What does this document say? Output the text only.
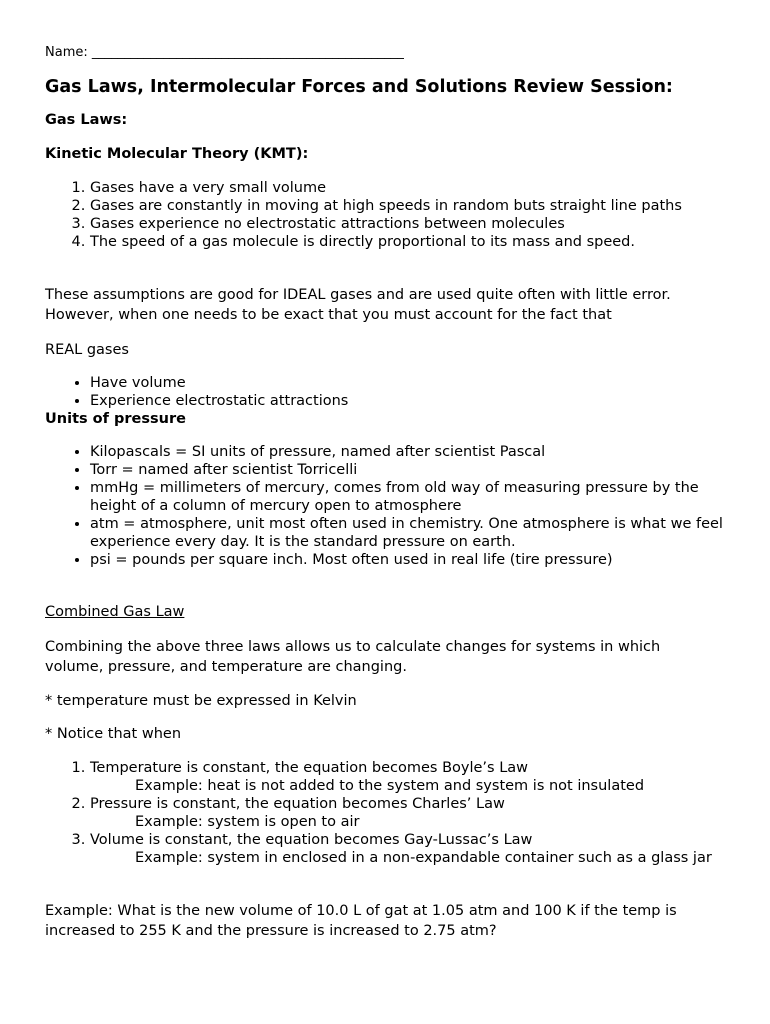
Name: ________________________________________________

Gas Laws, Intermolecular Forces and Solutions Review Session:

Gas Laws:

Kinetic Molecular Theory (KMT):

1. Gases have a very small volume
2. Gases are constantly in moving at high speeds in random buts straight line paths
3. Gases experience no electrostatic attractions between molecules
4. The speed of a gas molecule is directly proportional to its mass and speed.

These assumptions are good for IDEAL gases and are used quite often with little error.

However, when one needs to be exact that you must account for the fact that

REAL gases

• Have volume
• Experience electrostatic attractions

Units of pressure

• Kilopascals = SI units of pressure, named after scientist Pascal
• Torr = named after scientist Torricelli
• mmHg = millimeters of mercury, comes from old way of measuring pressure by the height of a column of mercury open to atmosphere
• atm = atmosphere, unit most often used in chemistry. One atmosphere is what we feel experience every day. It is the standard pressure on earth.
• psi = pounds per square inch. Most often used in real life (tire pressure)

Combined Gas Law

Combining the above three laws allows us to calculate changes for systems in which

volume, pressure, and temperature are changing.

* temperature must be expressed in Kelvin

* Notice that when

1. Temperature is constant, the equation becomes Boyle’s Law
Example: heat is not added to the system and system is not insulated
2. Pressure is constant, the equation becomes Charles’ Law
Example: system is open to air
3. Volume is constant, the equation becomes Gay-Lussac’s Law
Example: system in enclosed in a non-expandable container such as a glass jar

Example: What is the new volume of 10.0 L of gat at 1.05 atm and 100 K if the temp is

increased to 255 K and the pressure is increased to 2.75 atm?
